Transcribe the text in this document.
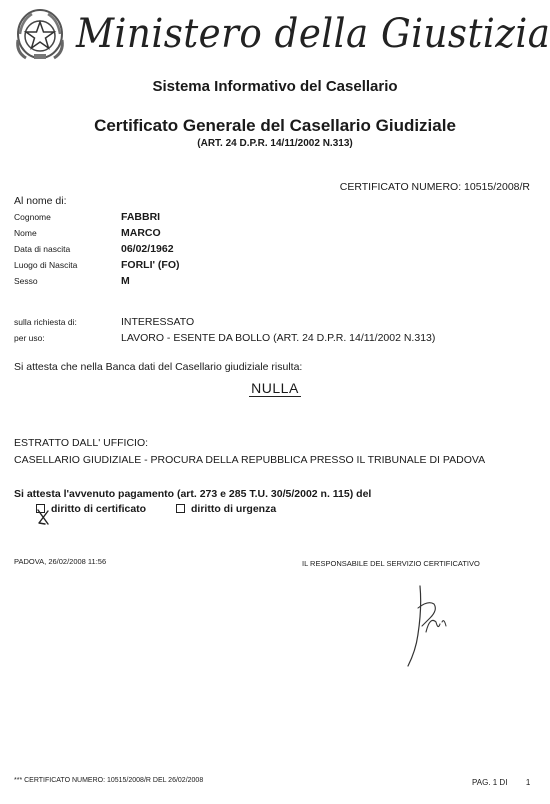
Ministero della Giustizia
Sistema Informativo del Casellario
Certificato Generale del Casellario Giudiziale
(ART. 24 D.P.R. 14/11/2002 N.313)
CERTIFICATO NUMERO: 10515/2008/R
Al nome di:
Cognome	FABBRI
Nome	MARCO
Data di nascita	06/02/1962
Luogo di Nascita	FORLI' (FO)
Sesso	M
sulla richiesta di:	INTERESSATO
per uso:	LAVORO - ESENTE DA BOLLO (ART. 24 D.P.R. 14/11/2002 N.313)
Si attesta che nella Banca dati del Casellario giudiziale risulta:
NULLA
ESTRATTO DALL' UFFICIO:
CASELLARIO GIUDIZIALE - PROCURA DELLA REPUBBLICA PRESSO IL TRIBUNALE DI PADOVA
Si attesta l'avvenuto pagamento (art. 273 e 285 T.U. 30/5/2002 n. 115) del
diritto di certificato	diritto di urgenza
PADOVA, 26/02/2008 11:56	IL RESPONSABILE DEL SERVIZIO CERTIFICATIVO
*** CERTIFICATO NUMERO: 10515/2008/R DEL 26/02/2008	PAG. 1 DI 1
